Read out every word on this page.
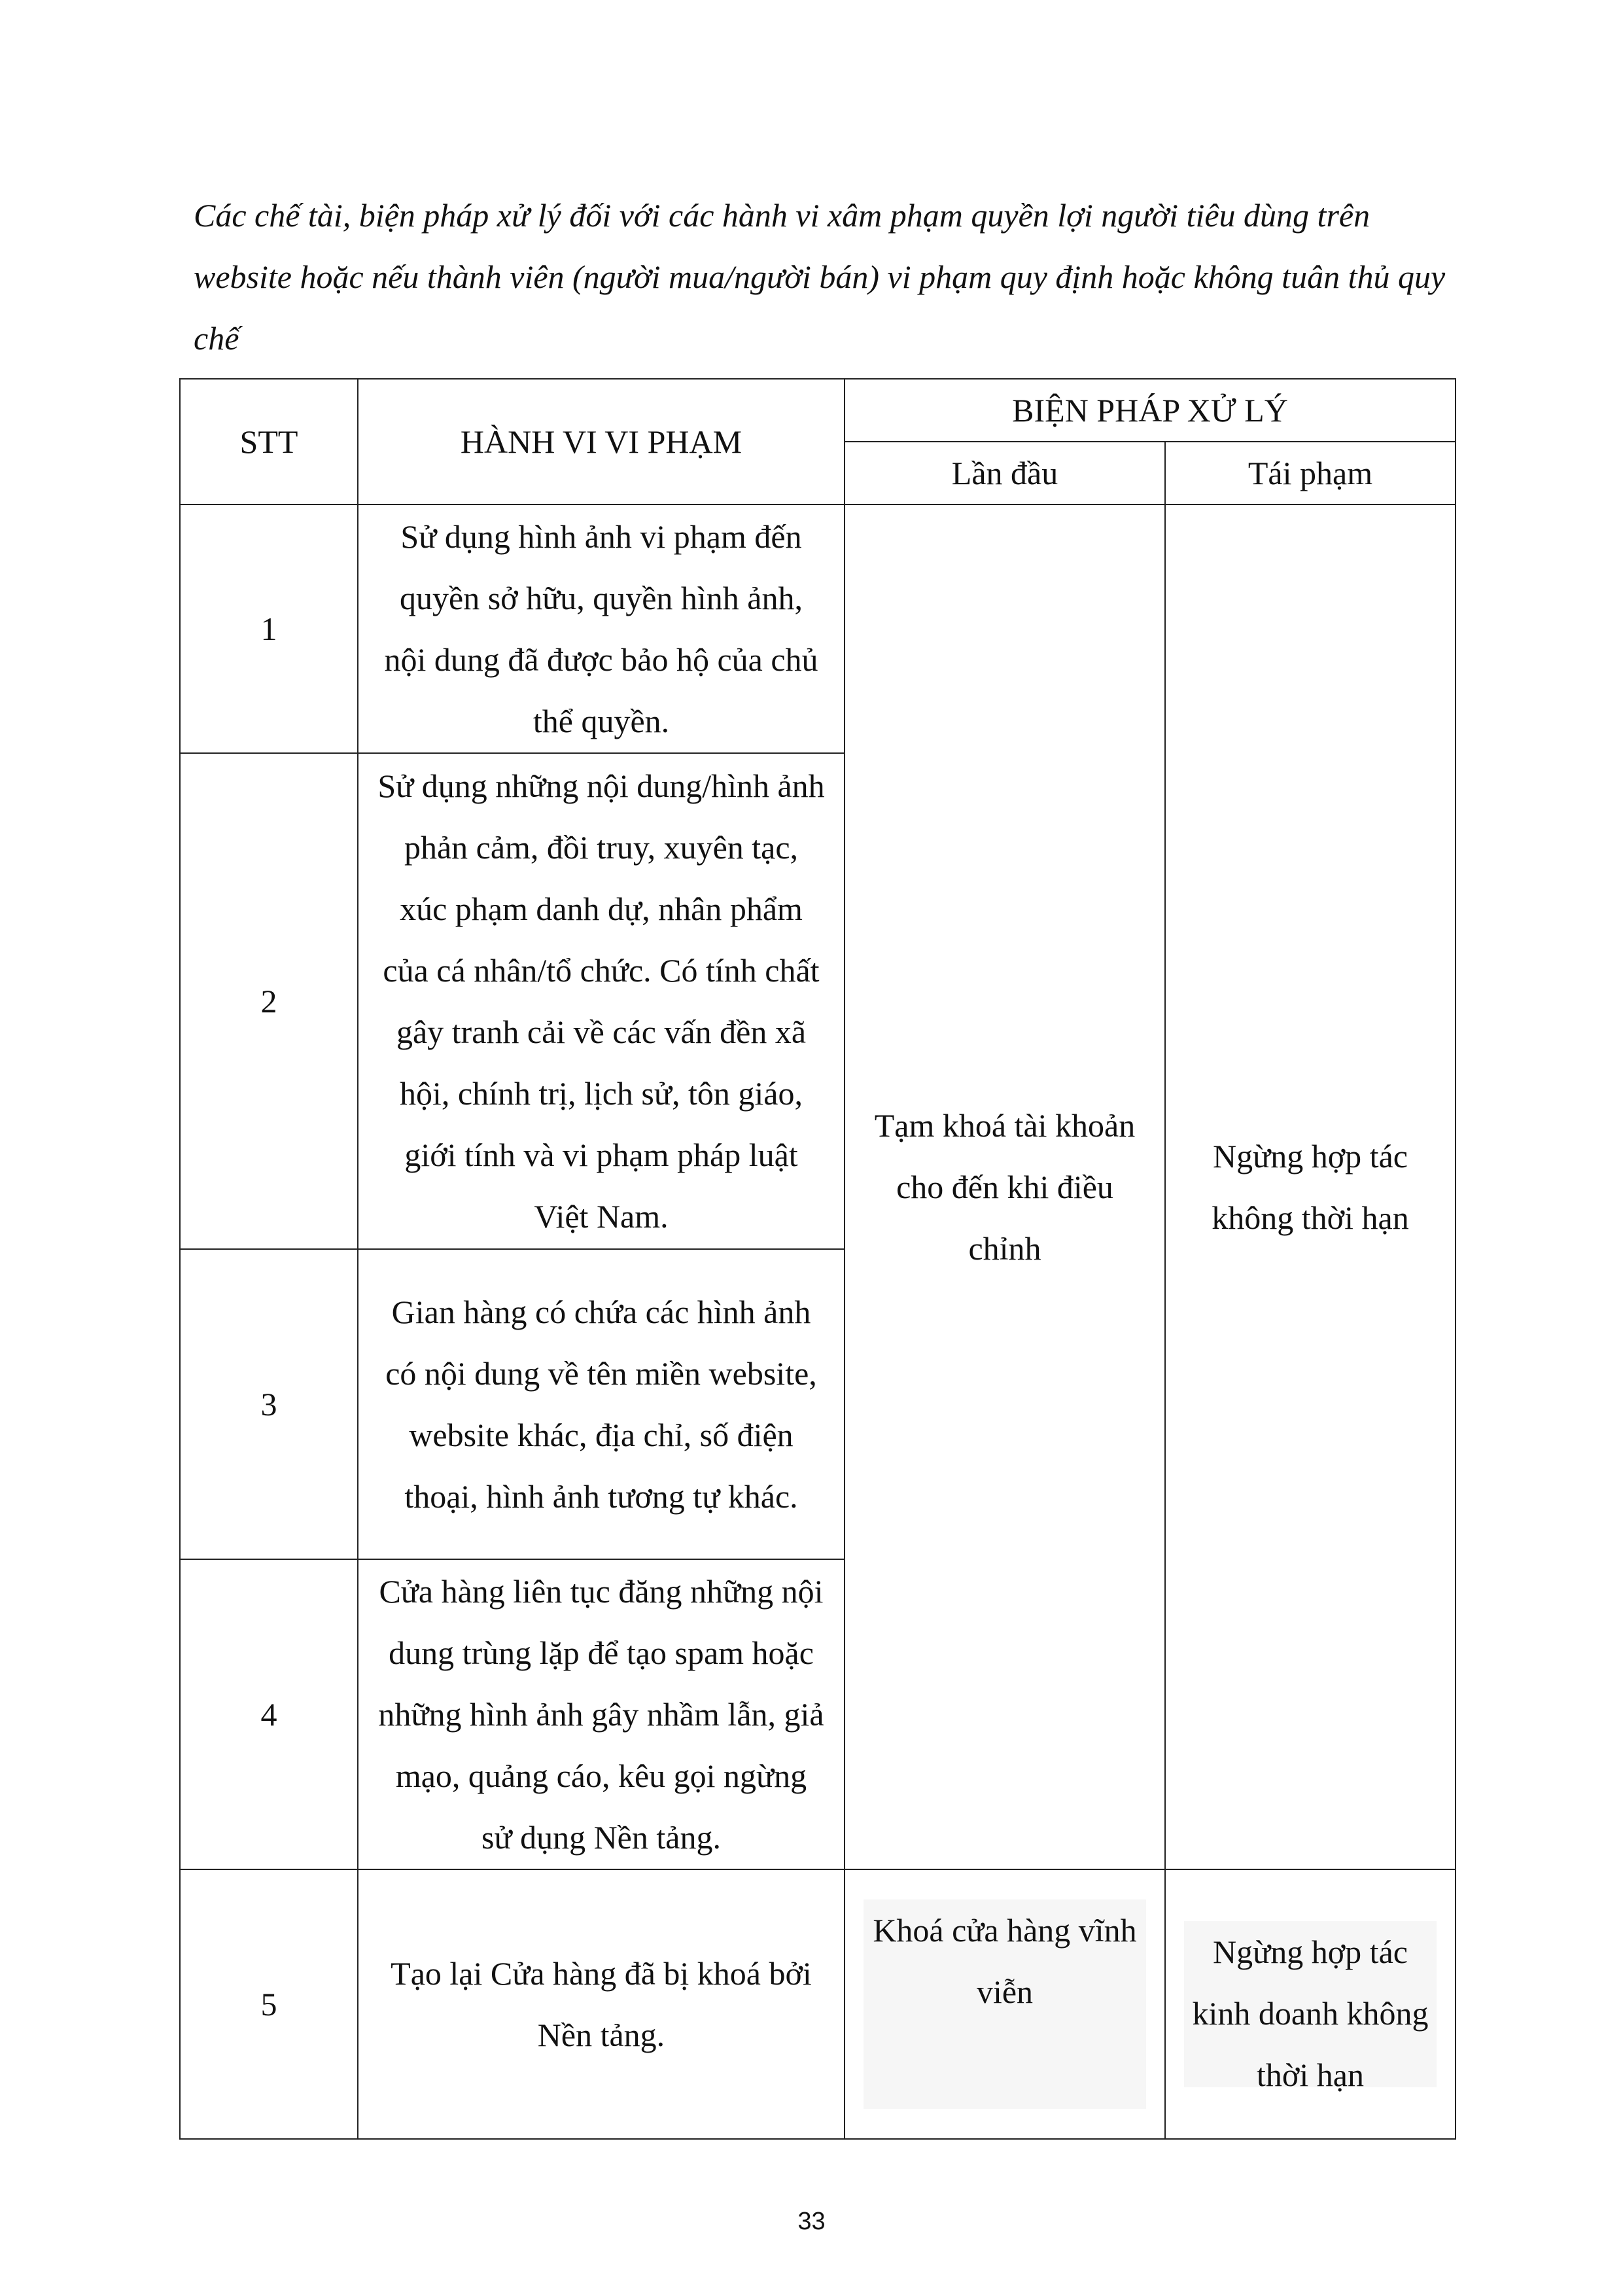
Các chế tài, biện pháp xử lý đối với các hành vi xâm phạm quyền lợi người tiêu dùng trên website hoặc nếu thành viên (người mua/người bán) vi phạm quy định hoặc không tuân thủ quy chế

STT	HÀNH VI VI PHẠM	BIỆN PHÁP XỬ LÝ	
		Lần đầu	Tái phạm
1	Sử dụng hình ảnh vi phạm đến quyền sở hữu, quyền hình ảnh, nội dung đã được bảo hộ của chủ thể quyền.	Tạm khoá tài khoản cho đến khi điều chỉnh	Ngừng hợp tác không thời hạn
2	Sử dụng những nội dung/hình ảnh phản cảm, đồi truy, xuyên tạc, xúc phạm danh dự, nhân phẩm của cá nhân/tổ chức. Có tính chất gây tranh cải về các vấn đền xã hội, chính trị, lịch sử, tôn giáo, giới tính và vi phạm pháp luật Việt Nam.		
3	Gian hàng có chứa các hình ảnh có nội dung về tên miền website, website khác, địa chỉ, số điện thoại, hình ảnh tương tự khác.		
4	Cửa hàng liên tục đăng những nội dung trùng lặp để tạo spam hoặc những hình ảnh gây nhầm lẫn, giả mạo, quảng cáo, kêu gọi ngừng sử dụng Nền tảng.		
5	Tạo lại Cửa hàng đã bị khoá bởi Nền tảng.	Khoá cửa hàng vĩnh viễn	Ngừng hợp tác kinh doanh không thời hạn

33
